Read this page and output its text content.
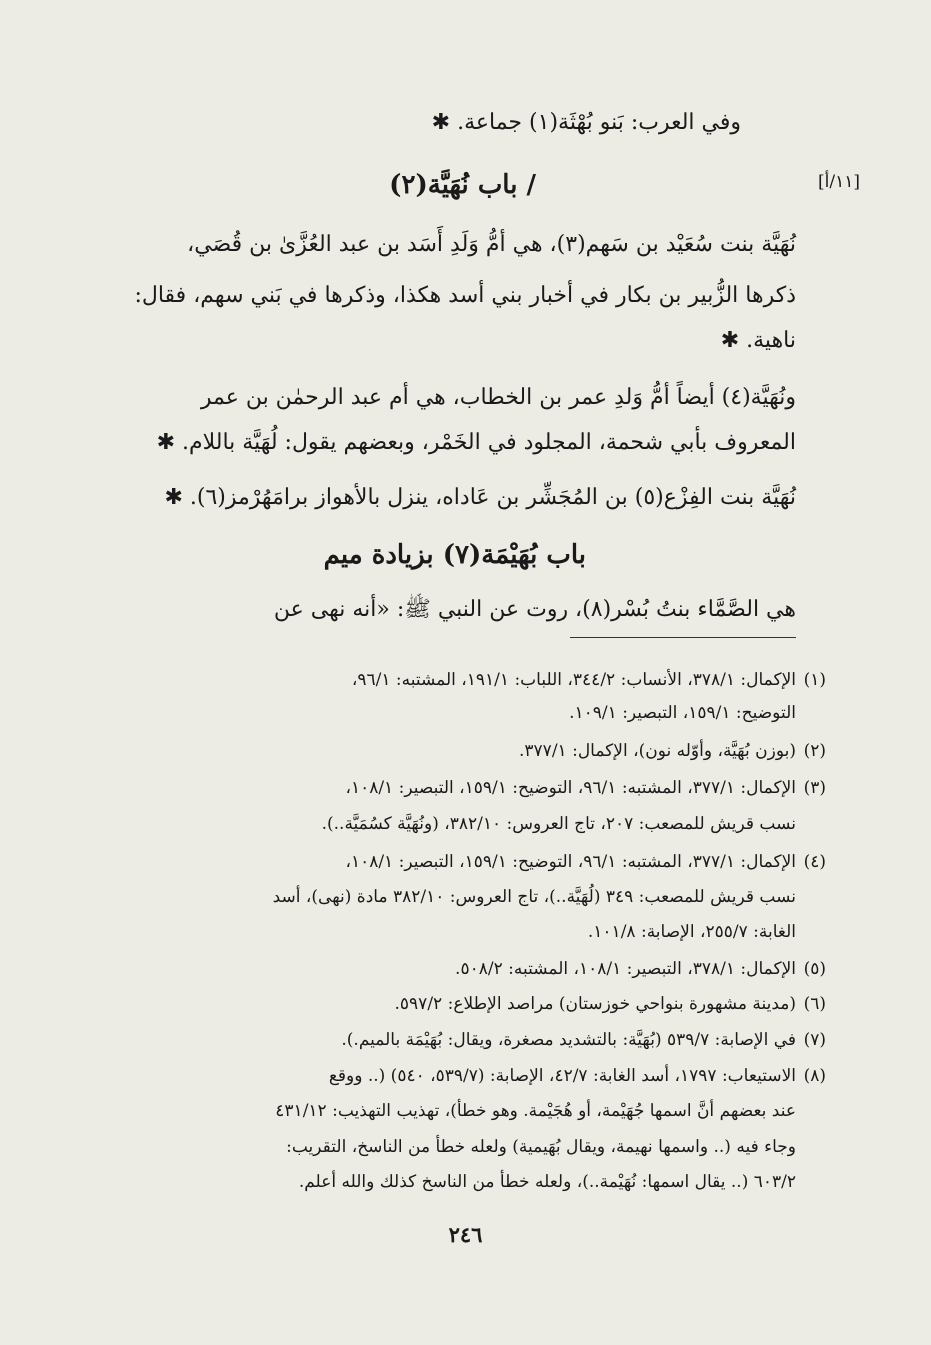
[١١/أ]
وفي العرب: بَنو بُهْثَة(١) جماعة. ✱
/ باب نُهَيَّة(٢)
نُهَيَّة بنت سُعَيْد بن سَهم(٣)، هي أمُّ وَلَدِ أَسَد بن عبد العُزَّىٰ بن قُصَي،
ذكرها الزُّبير بن بكار في أخبار بني أسد هكذا، وذكرها في بَني سهم، فقال:
ناهية. ✱
ونُهَيَّة(٤) أيضاً أمُّ وَلدِ عمر بن الخطاب، هي أم عبد الرحمٰن بن عمر
المعروف بأبي شحمة، المجلود في الخَمْر، وبعضهم يقول: لُهَيَّة باللام. ✱
نُهَيَّة بنت الفِزْع(٥) بن المُجَشِّر بن عَاداه، ينزل بالأهواز برامَهُرْمز(٦). ✱
باب بُهَيْمَة(٧) بزيادة ميم
هي الصَّمَّاء بنتُ بُسْر(٨)، روت عن النبي ﷺ: «أنه نهى عن
(١)
الإكمال: ٣٧٨/١، الأنساب: ٣٤٤/٢، اللباب: ١٩١/١، المشتبه: ٩٦/١،
التوضيح: ١٥٩/١، التبصير: ١٠٩/١.
(٢)
(بوزن بُهَيَّة، وأوّله نون)، الإكمال: ٣٧٧/١.
(٣)
الإكمال: ٣٧٧/١، المشتبه: ٩٦/١، التوضيح: ١٥٩/١، التبصير: ١٠٨/١،
نسب قريش للمصعب: ٢٠٧، تاج العروس: ٣٨٢/١٠، (ونُهَيَّة كسُمَيَّة..).
(٤)
الإكمال: ٣٧٧/١، المشتبه: ٩٦/١، التوضيح: ١٥٩/١، التبصير: ١٠٨/١،
نسب قريش للمصعب: ٣٤٩ (لُهَيَّة..)، تاج العروس: ٣٨٢/١٠ مادة (نهى)، أسد
الغابة: ٢٥٥/٧، الإصابة: ١٠١/٨.
(٥)
الإكمال: ٣٧٨/١، التبصير: ١٠٨/١، المشتبه: ٥٠٨/٢.
(٦)
(مدينة مشهورة بنواحي خوزستان) مراصد الإطلاع: ٥٩٧/٢.
(٧)
في الإصابة: ٥٣٩/٧ (بُهَيَّة: بالتشديد مصغرة، ويقال: بُهَيْمَة بالميم.).
(٨)
الاستيعاب: ١٧٩٧، أسد الغابة: ٤٢/٧، الإصابة: (٥٣٩/٧، ٥٤٠) (.. ووقع
عند بعضهم أنَّ اسمها جُهَيْمة، أو هُجَيْمة. وهو خطأ)، تهذيب التهذيب: ٤٣١/١٢
وجاء فيه (.. واسمها نهيمة، ويقال بُهَيمية) ولعله خطأ من الناسخ، التقريب:
٦٠٣/٢ (.. يقال اسمها: نُهَيْمة..)، ولعله خطأ من الناسخ كذلك والله أعلم.
٢٤٦
